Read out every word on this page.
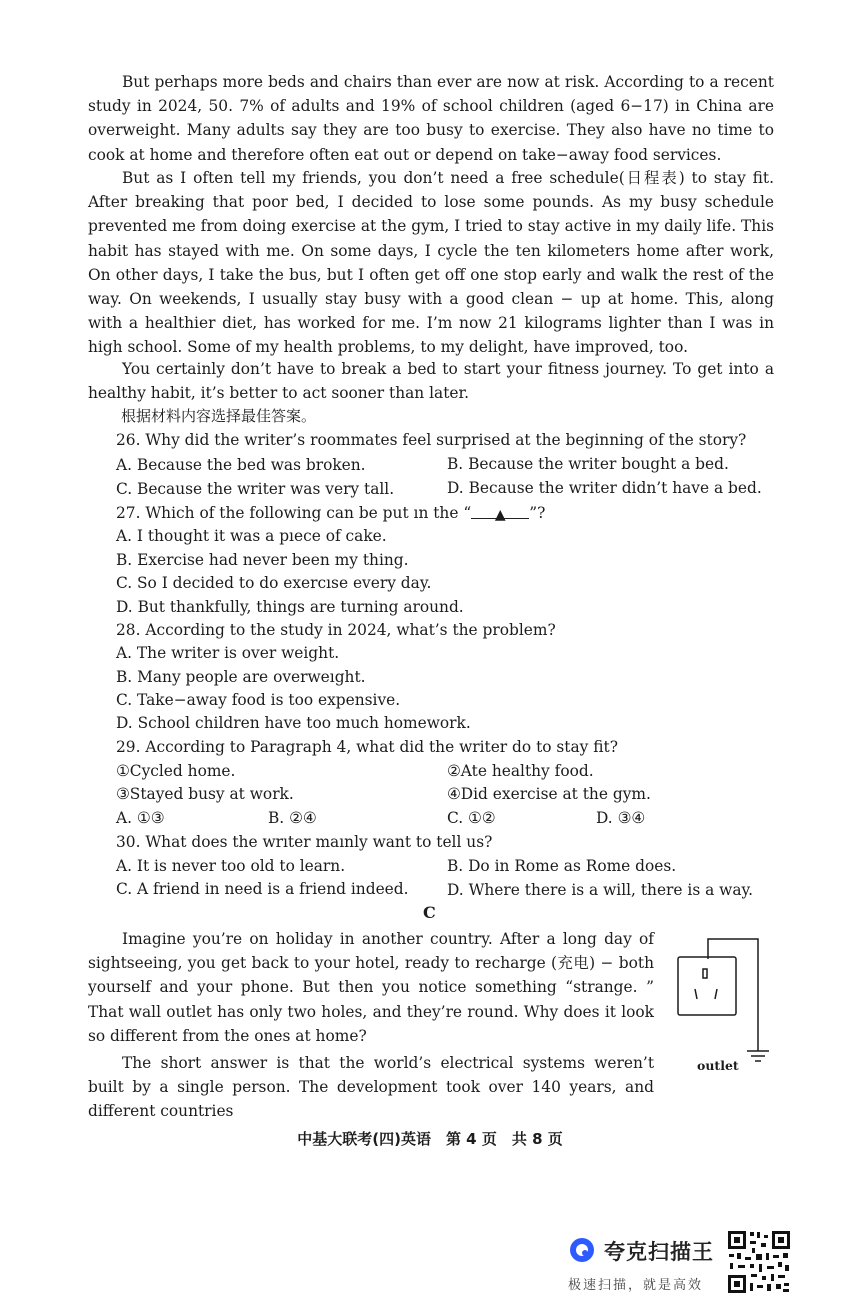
But perhaps more beds and chairs than ever are now at risk. According to a recent study in 2024, 50. 7% of adults and 19% of school children (aged 6−17) in China are overweight. Many adults say they are too busy to exercise. They also have no time to cook at home and therefore often eat out or depend on take−away food services.

But as I often tell my friends, you don’t need a free schedule(日程表) to stay fit. After breaking that poor bed, I decided to lose some pounds. As my busy schedule prevented me from doing exercise at the gym, I tried to stay active in my daily life. This habit has stayed with me. On some days, I cycle the ten kilometers home after work, On other days, I take the bus, but I often get off one stop early and walk the rest of the way. On weekends, I usually stay busy with a good clean − up at home. This, along with a healthier diet, has worked for me. I’m now 21 kilograms lighter than I was in high school. Some of my health problems, to my delight, have improved, too.

You certainly don’t have to break a bed to start your fitness journey. To get into a healthy habit, it’s better to act sooner than later.

根据材料内容选择最佳答案。
26. Why did the writer’s roommates feel surprised at the beginning of the story?
A. Because the bed was broken.	B. Because the writer bought a bed.
C. Because the writer was very tall.	D. Because the writer didn’t have a bed.
27. Which of the following can be put ın the “ ▲ ”?
A. I thought it was a pıece of cake.
B. Exercise had never been my thing.
C. So I decided to do exercıse every day.
D. But thankfully, things are turning around.
28. According to the study in 2024, what’s the problem?
A. The writer is over weight.
B. Many people are overweıght.
C. Take−away food is too expensive.
D. School children have too much homework.
29. According to Paragraph 4, what did the writer do to stay fit?
①Cycled home.	②Ate healthy food.
③Stayed busy at work.	④Did exercise at the gym.
A. ①③	B. ②④	C. ①②	D. ③④
30. What does the wrıter maınly want to tell us?
A. It is never too old to learn.	B. Do in Rome as Rome does.
C. A friend in need is a friend indeed. D. Where there is a will, there is a way.
C

Imagine you’re on holiday in another country. After a long day of sightseeing, you get back to your hotel, ready to recharge (充电) − both yourself and your phone. But then you notice something “strange. ” That wall outlet has only two holes, and they’re round. Why does it look so different from the ones at home?

The short answer is that the world’s electrical systems weren’t built by a single person. The development took over 140 years, and different countries

outlet
中基大联考(四)英语　第 4 页　共 8 页
夸克扫描王
极速扫描，就是高效
